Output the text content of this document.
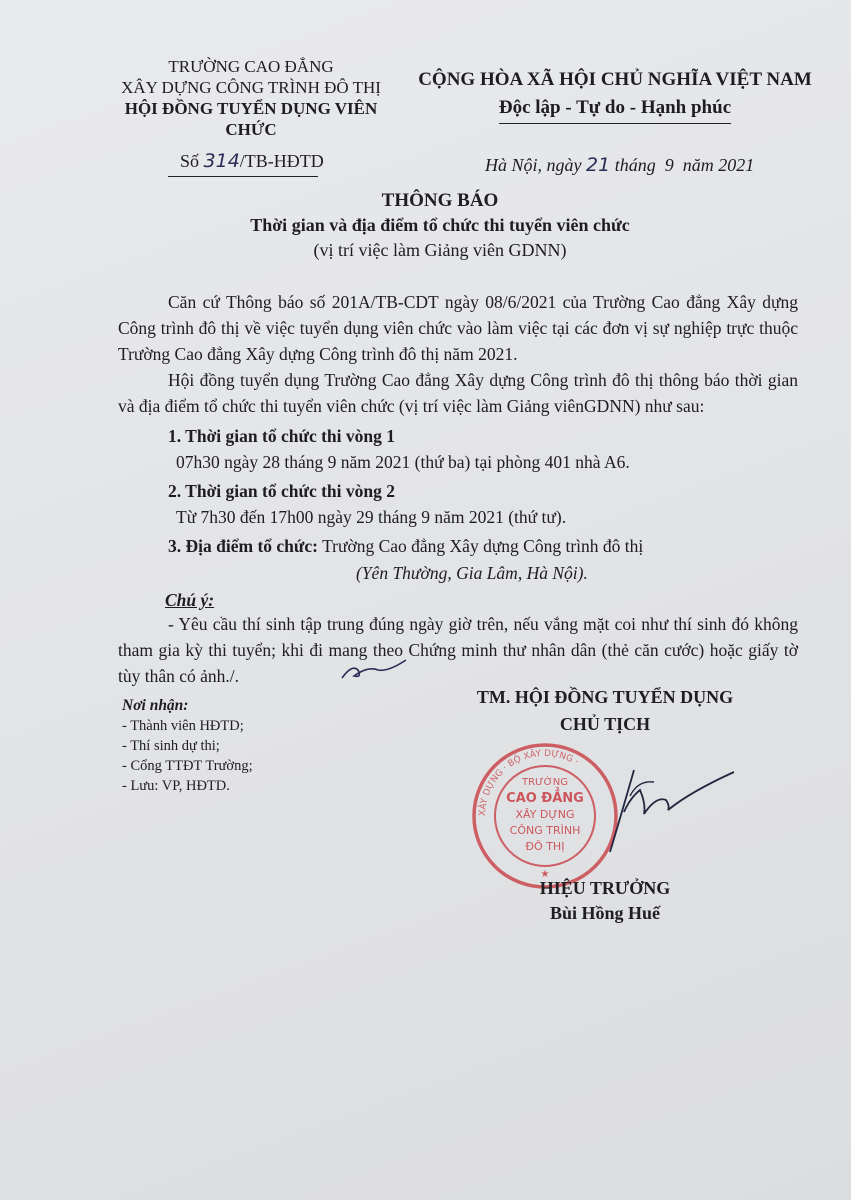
TRƯỜNG CAO ĐẲNG
XÂY DỰNG CÔNG TRÌNH ĐÔ THỊ
HỘI ĐỒNG TUYỂN DỤNG VIÊN CHỨC
CỘNG HÒA XÃ HỘI CHỦ NGHĨA VIỆT NAM
Độc lập - Tự do - Hạnh phúc
Số 314/TB-HĐTD	Hà Nội, ngày 21 tháng  9  năm 2021
THÔNG BÁO
Thời gian và địa điểm tổ chức thi tuyển viên chức
(vị trí việc làm Giảng viên GDNN)
Căn cứ Thông báo số 201A/TB-CDT ngày 08/6/2021 của Trường Cao đẳng Xây dựng Công trình đô thị về việc tuyển dụng viên chức vào làm việc tại các đơn vị sự nghiệp trực thuộc Trường Cao đẳng Xây dựng Công trình đô thị năm 2021.
Hội đồng tuyển dụng Trường Cao đẳng Xây dựng Công trình đô thị thông báo thời gian và địa điểm tổ chức thi tuyển viên chức (vị trí việc làm Giảng viênGDNN) như sau:
1. Thời gian tổ chức thi vòng 1
07h30 ngày 28 tháng 9 năm 2021 (thứ ba) tại phòng 401 nhà A6.
2. Thời gian tổ chức thi vòng 2
Từ 7h30 đến 17h00 ngày 29 tháng 9 năm 2021 (thứ tư).
3. Địa điểm tổ chức: Trường Cao đẳng Xây dựng Công trình đô thị
(Yên Thường, Gia Lâm, Hà Nội).
Chú ý:
- Yêu cầu thí sinh tập trung đúng ngày giờ trên, nếu vắng mặt coi như thí sinh đó không tham gia kỳ thi tuyển; khi đi mang theo Chứng minh thư nhân dân (thẻ căn cước) hoặc giấy tờ tùy thân có ảnh./.
TM. HỘI ĐỒNG TUYỂN DỤNG
CHỦ TỊCH
Nơi nhận:
- Thành viên HĐTD;
- Thí sinh dự thi;
- Cổng TTĐT Trường;
- Lưu: VP, HĐTD.
XÂY DỰNG · BỘ XÂY DỰNG ·
TRƯỜNG
CAO ĐẲNG
XÂY DỰNG
CÔNG TRÌNH
ĐÔ THỊ
★
HIỆU TRƯỞNG
Bùi Hồng Huế
